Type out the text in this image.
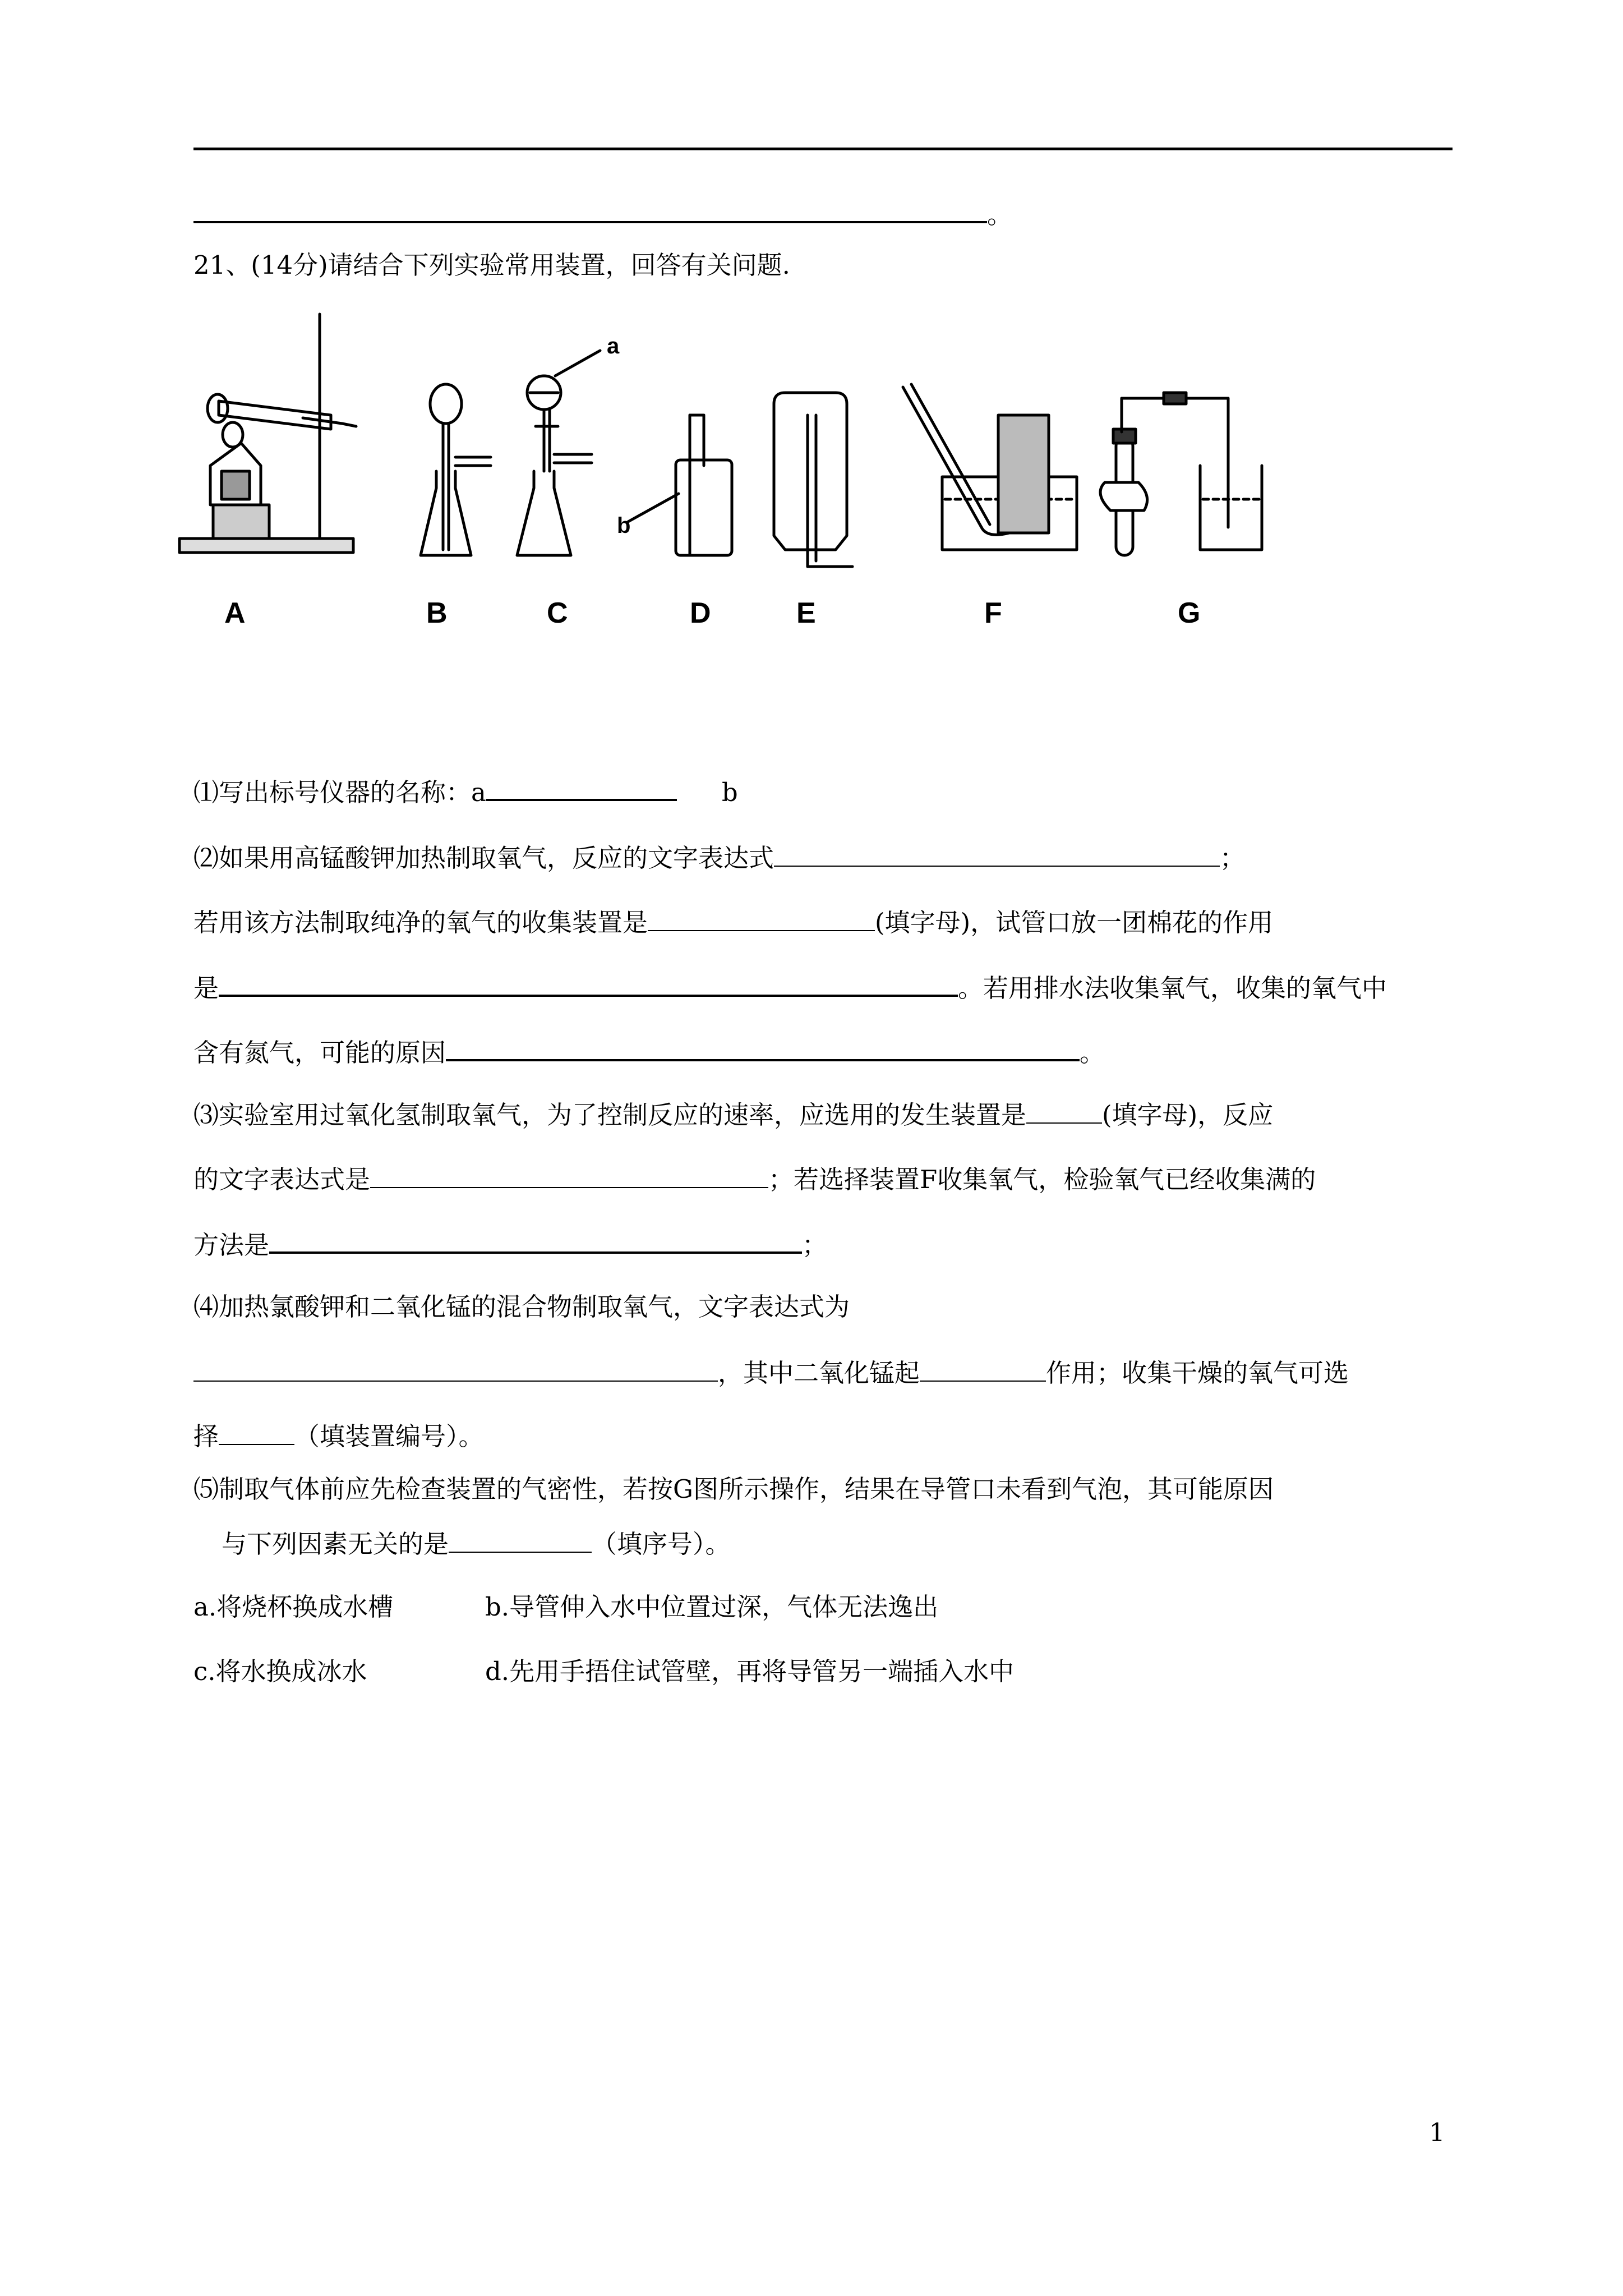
。
21、(14分)请结合下列实验常用装置，回答有关问题.
A	B	C	D	E	F	G
a
b
⑴写出标号仪器的名称：a	b
⑵如果用高锰酸钾加热制取氧气，反应的文字表达式	；
若用该方法制取纯净的氧气的收集装置是	(填字母)，试管口放一团棉花的作用
是	。若用排水法收集氧气，收集的氧气中
含有氮气，可能的原因	。
⑶实验室用过氧化氢制取氧气，为了控制反应的速率，应选用的发生装置是	(填字母)，反应
的文字表达式是	；若选择装置F收集氧气，检验氧气已经收集满的
方法是	；
⑷加热氯酸钾和二氧化锰的混合物制取氧气，文字表达式为
，其中二氧化锰起	作用；收集干燥的氧气可选
择	（填装置编号）。
⑸制取气体前应先检查装置的气密性，若按G图所示操作，结果在导管口未看到气泡，其可能原因
与下列因素无关的是	（填序号）。
a.将烧杯换成水槽	b.导管伸入水中位置过深，气体无法逸出
c.将水换成冰水	d.先用手捂住试管壁，再将导管另一端插入水中
1
